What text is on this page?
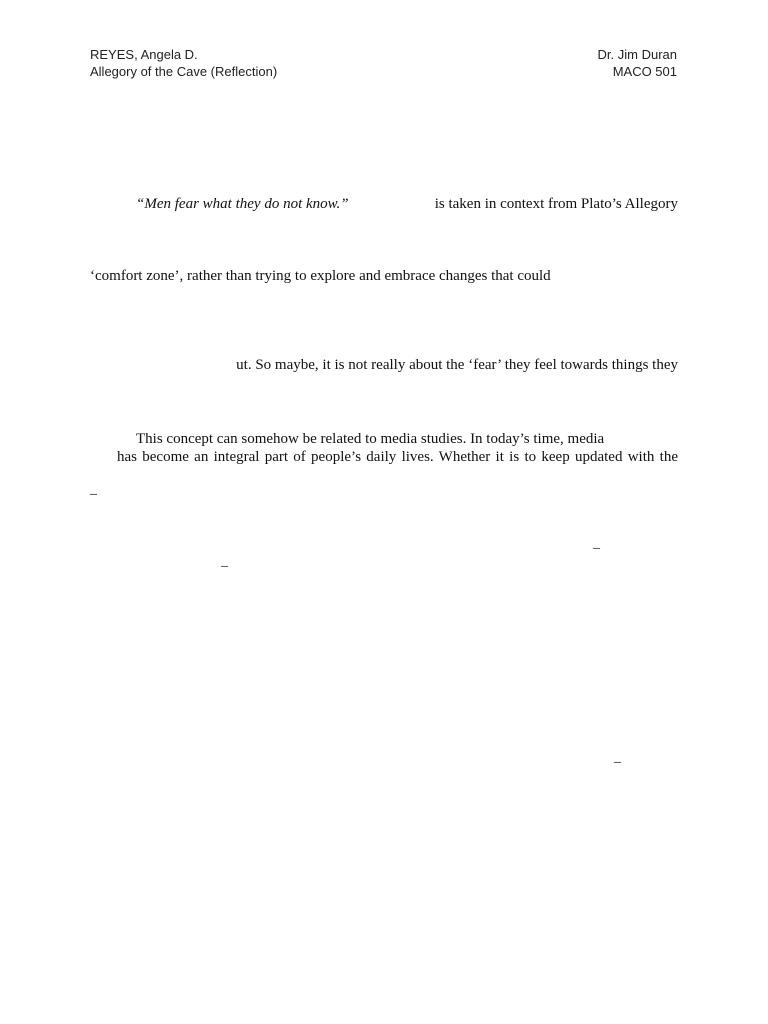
REYES, Angela D.
Allegory of the Cave (Reflection)
Dr. Jim Duran
MACO 501
“Men fear what they do not know.”	is taken in context from Plato’s Allegory
‘comfort zone’, rather than trying to explore and embrace changes that could
ut. So maybe, it is not really about the ‘fear’ they feel towards things they
This concept can somehow be related to media studies. In today’s time, media
has become an integral part of people’s daily lives. Whether it is to keep updated with the
_
_
_
_
